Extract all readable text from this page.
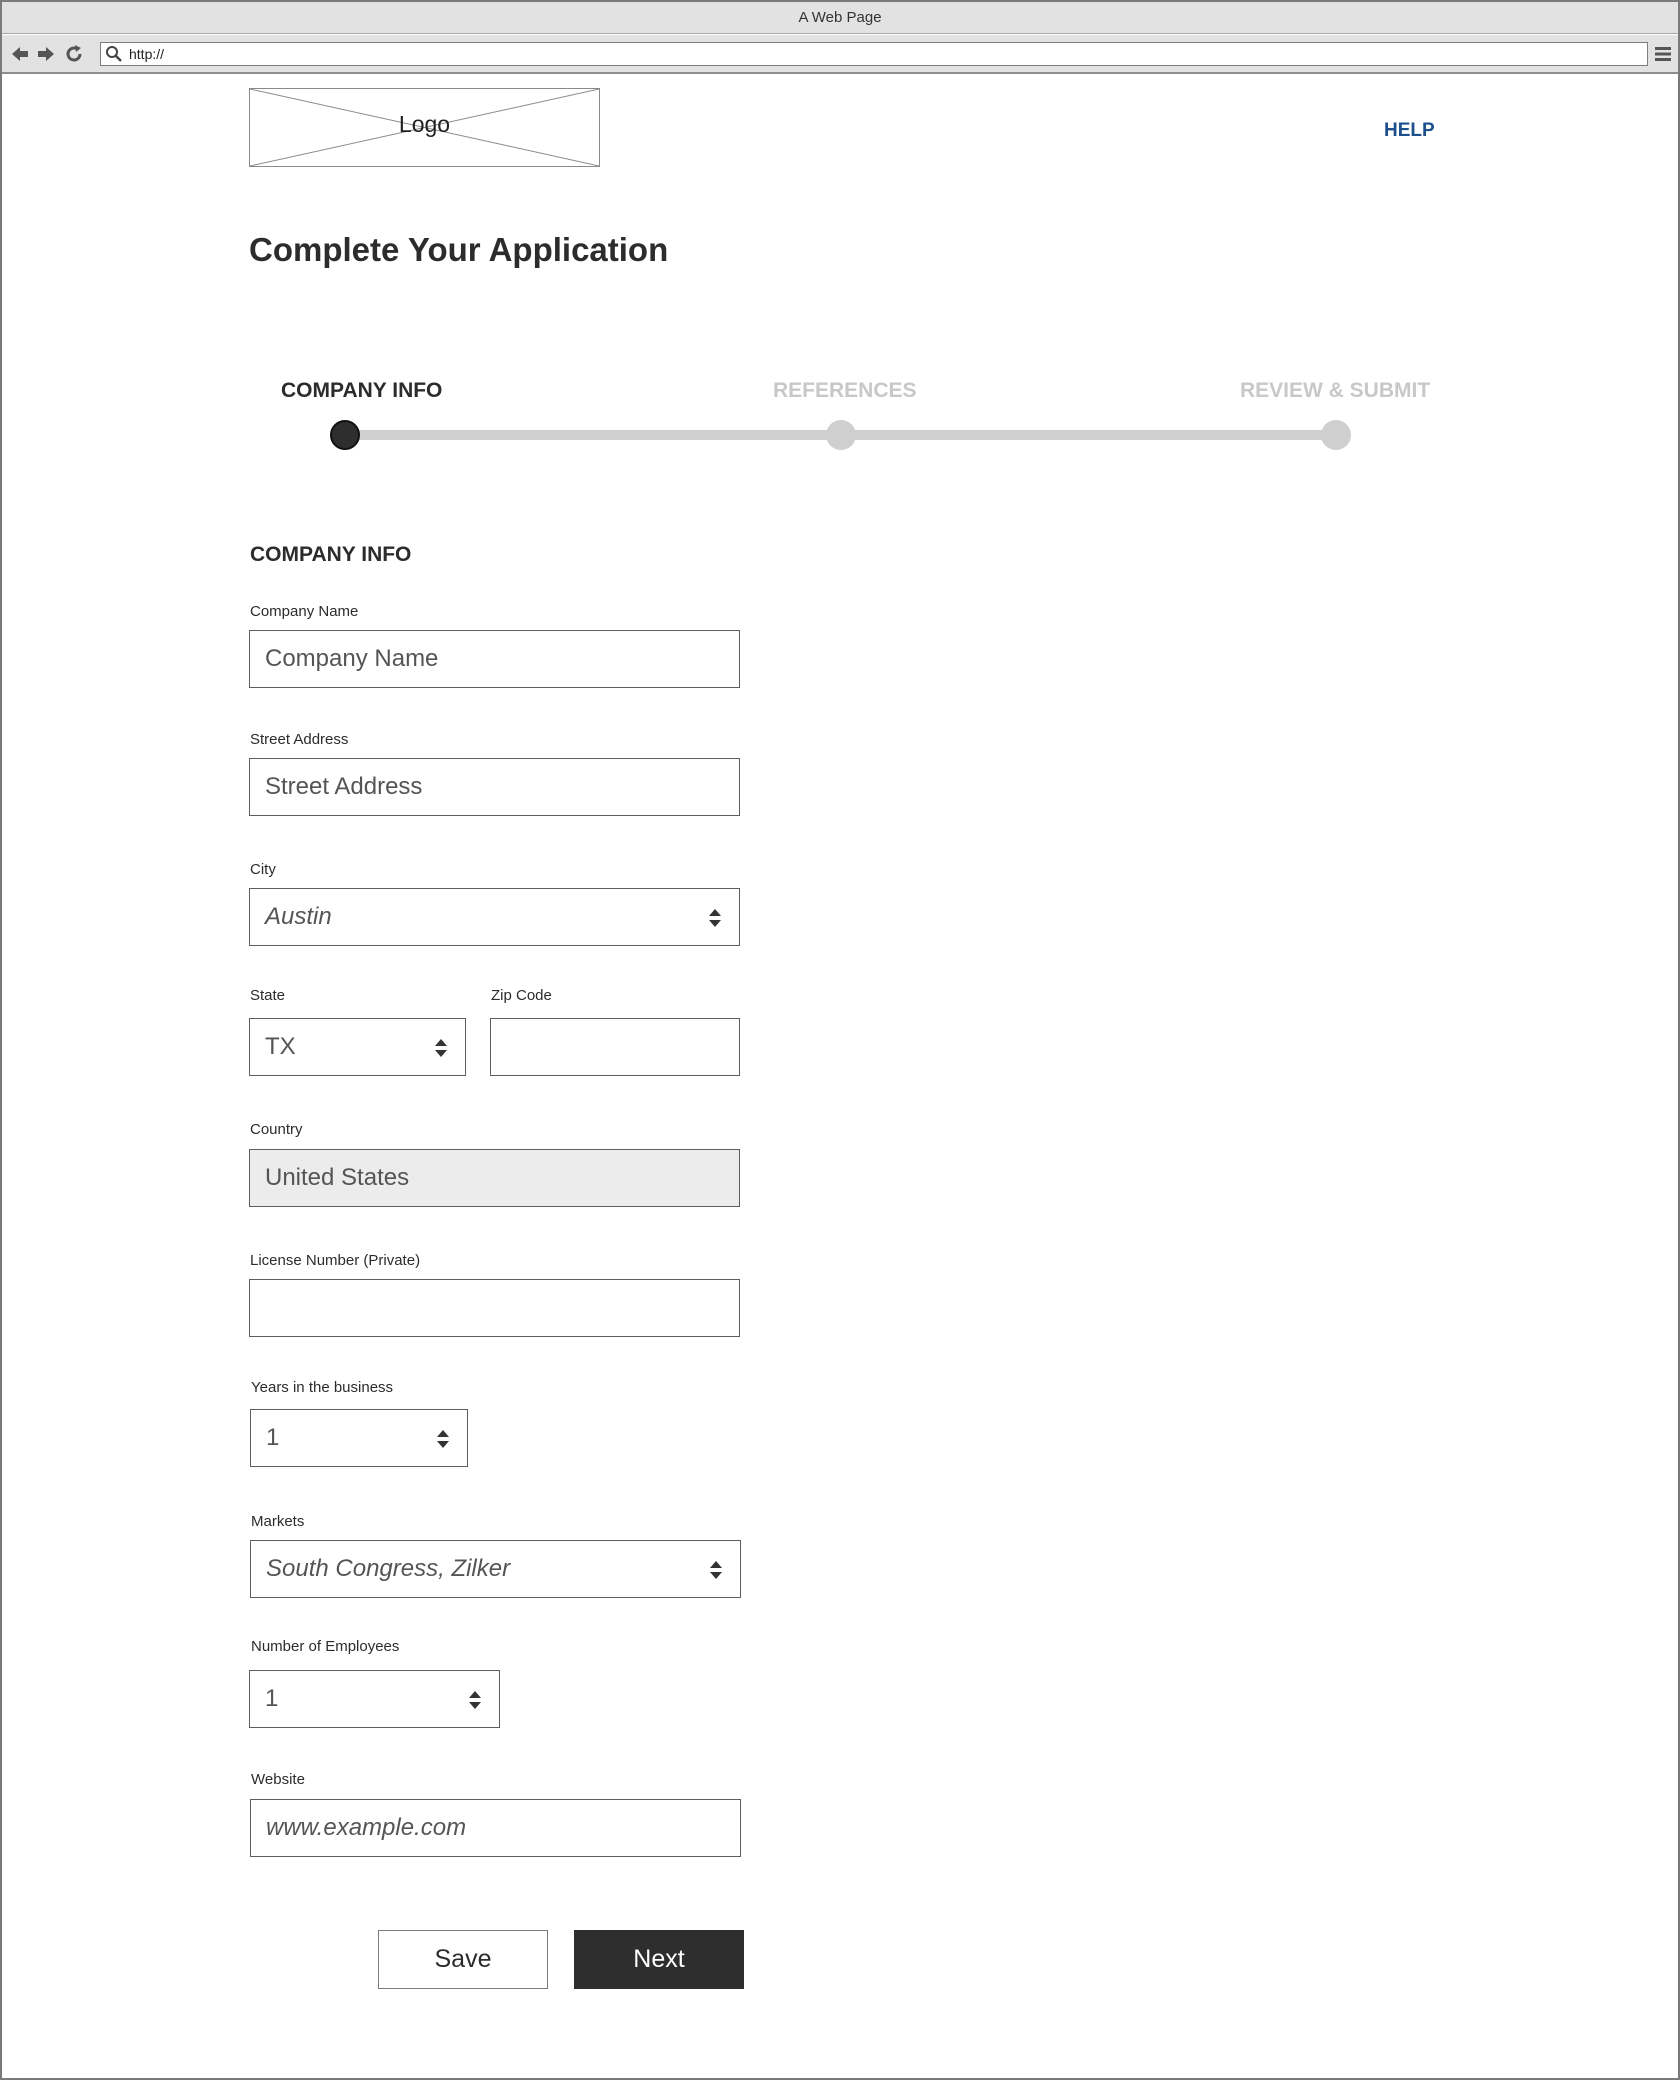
A Web Page
http://
Logo	HELP
Complete Your Application
COMPANY INFO	REFERENCES	REVIEW & SUBMIT
COMPANY INFO
Company Name
Company Name
Street Address
Street Address
City
Austin
State
TX
Zip Code
Country
United States
License Number (Private)
Years in the business
1
Markets
South Congress, Zilker
Number of Employees
1
Website
www.example.com
Save	Next
